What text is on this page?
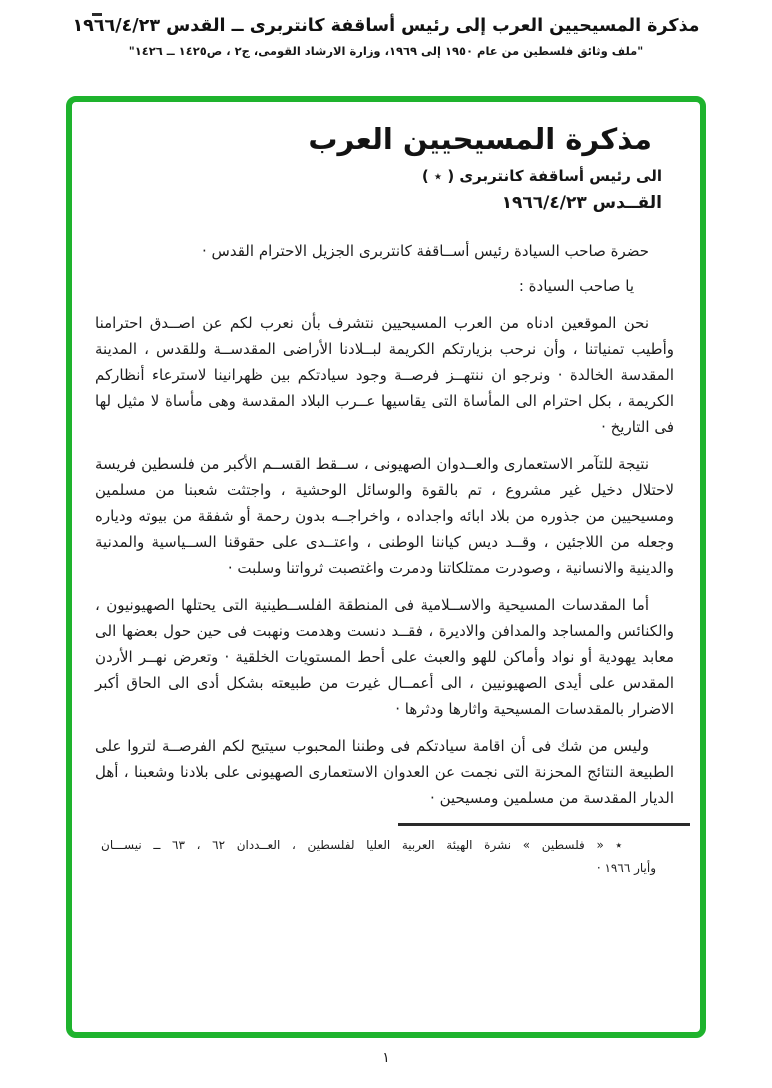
مذكرة المسيحيين العرب إلى رئيس أساقفة كانتربرى ــ القدس ١٩٦٦/٤/٢٣
"ملف وثائق فلسطين من عام ١٩٥٠ إلى ١٩٦٩، وزارة الارشاد القومى، ج٢ ، ص١٤٢٥ ــ ١٤٢٦"
مذكرة المسيحيين العرب
الى رئيس أساقفة كانتربرى ( ٭ )
القــدس ١٩٦٦/٤/٢٣

حضرة صاحب السيادة رئيس أســاقفة كانتربرى الجزيل الاحترام القدس ·

يا صاحب السيادة :

نحن الموقعين ادناه من العرب المسيحيين نتشرف بأن نعرب لكم عن اصــدق احترامنا وأطيب تمنياتنا ، وأن نرحب بزيارتكم الكريمة لبــلادنا الأراضى المقدســة وللقدس ، المدينة المقدسة الخالدة · ونرجو ان ننتهــز فرصــة وجود سيادتكم بين ظهرانينا لاسترعاء أنظاركم الكريمة ، بكل احترام الى المأساة التى يقاسيها عــرب البلاد المقدسة وهى مأساة لا مثيل لها فى التاريخ ·

نتيجة للتآمر الاستعمارى والعــدوان الصهيونى ، ســقط القســم الأكبر من فلسطين فريسة لاحتلال دخيل غير مشروع ، تم بالقوة والوسائل الوحشية ، واجتثت شعبنا من مسلمين ومسيحيين من جذوره من بلاد ابائه واجداده ، واخراجــه بدون رحمة أو شفقة من بيوته ودياره وجعله من اللاجئين ، وقــد ديس كياننا الوطنى ، واعتــدى على حقوقنا الســياسية والمدنية والدينية والانسانية ، وصودرت ممتلكاتنا ودمرت واغتصبت ثرواتنا وسلبت ·

أما المقدسات المسيحية والاســلامية فى المنطقة الفلســطينية التى يحتلها الصهيونيون ، والكنائس والمساجد والمدافن والاديرة ، فقــد دنست وهدمت ونهبت فى حين حول بعضها الى معابد يهودية أو نواد وأماكن للهو والعبث على أحط المستويات الخلقية · وتعرض نهــر الأردن المقدس على أيدى الصهيونيين ، الى أعمــال غيرت من طبيعته بشكل أدى الى الحاق أكبر الاضرار بالمقدسات المسيحية واثارها ودثرها ·

وليس من شك فى أن اقامة سيادتكم فى وطننا المحبوب سيتيح لكم الفرصــة لتروا على الطبيعة النتائج المحزنة التى نجمت عن العدوان الاستعمارى الصهيونى على بلادنا وشعبنا ، أهل الديار المقدسة من مسلمين ومسيحين ·

٭ « فلسطين » نشرة الهيئة العربية العليا لفلسطين ، العــددان ٦٢ ، ٦٣ ــ نيســـان
وأيار ١٩٦٦ ·
١
